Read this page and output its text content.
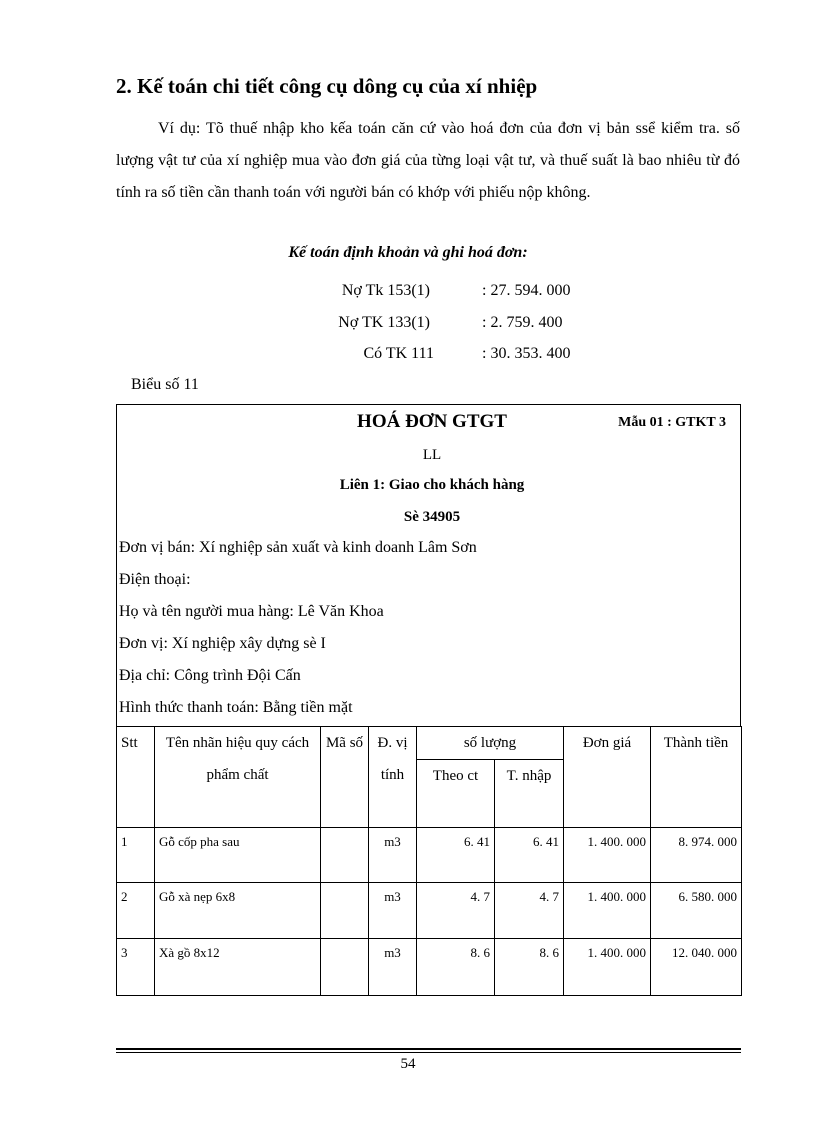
2. Kế toán chi tiết công cụ dông cụ của xí nhiệp

Ví dụ: Tõ thuế nhập kho kếa toán căn cứ vào hoá đơn của đơn vị bản ssể kiểm tra. số lượng vật tư của xí nghiệp mua vào đơn giá của từng loại vật tư, và thuế suất là bao nhiêu từ đó tính ra số tiền cần thanh toán với người bán có khớp với phiếu nộp không.

Kế toán định khoản và ghi hoá đơn:
Nợ Tk 153(1)	: 27. 594. 000
Nợ TK 133(1)	: 2. 759. 400
Có TK 111	: 30. 353. 400
Biểu số 11
HOÁ ĐƠN GTGT	Mẫu 01 : GTKT 3
LL
Liên 1: Giao cho khách hàng
Sè 34905
Đơn vị bán: Xí nghiệp sản xuất và kinh doanh Lâm Sơn
Điện thoại:
Họ và tên người mua hàng: Lê Văn Khoa
Đơn vị: Xí nghiệp xây dựng sè I
Địa chỉ: Công trình Đội Cấn
Hình thức thanh toán: Bằng tiền mặt
Stt	Tên nhãn hiệu quy cách phẩm chất	Mã số	Đ. vị tính	số lượng		Đơn giá	Thành tiền
				Theo ct	T. nhập		
1	Gỗ cốp pha sau		m3	6. 41	6. 41	1. 400. 000	8. 974. 000
2	Gỗ xà nẹp 6x8		m3	4. 7	4. 7	1. 400. 000	6. 580. 000
3	Xà gồ 8x12		m3	8. 6	8. 6	1. 400. 000	12. 040. 000
54
